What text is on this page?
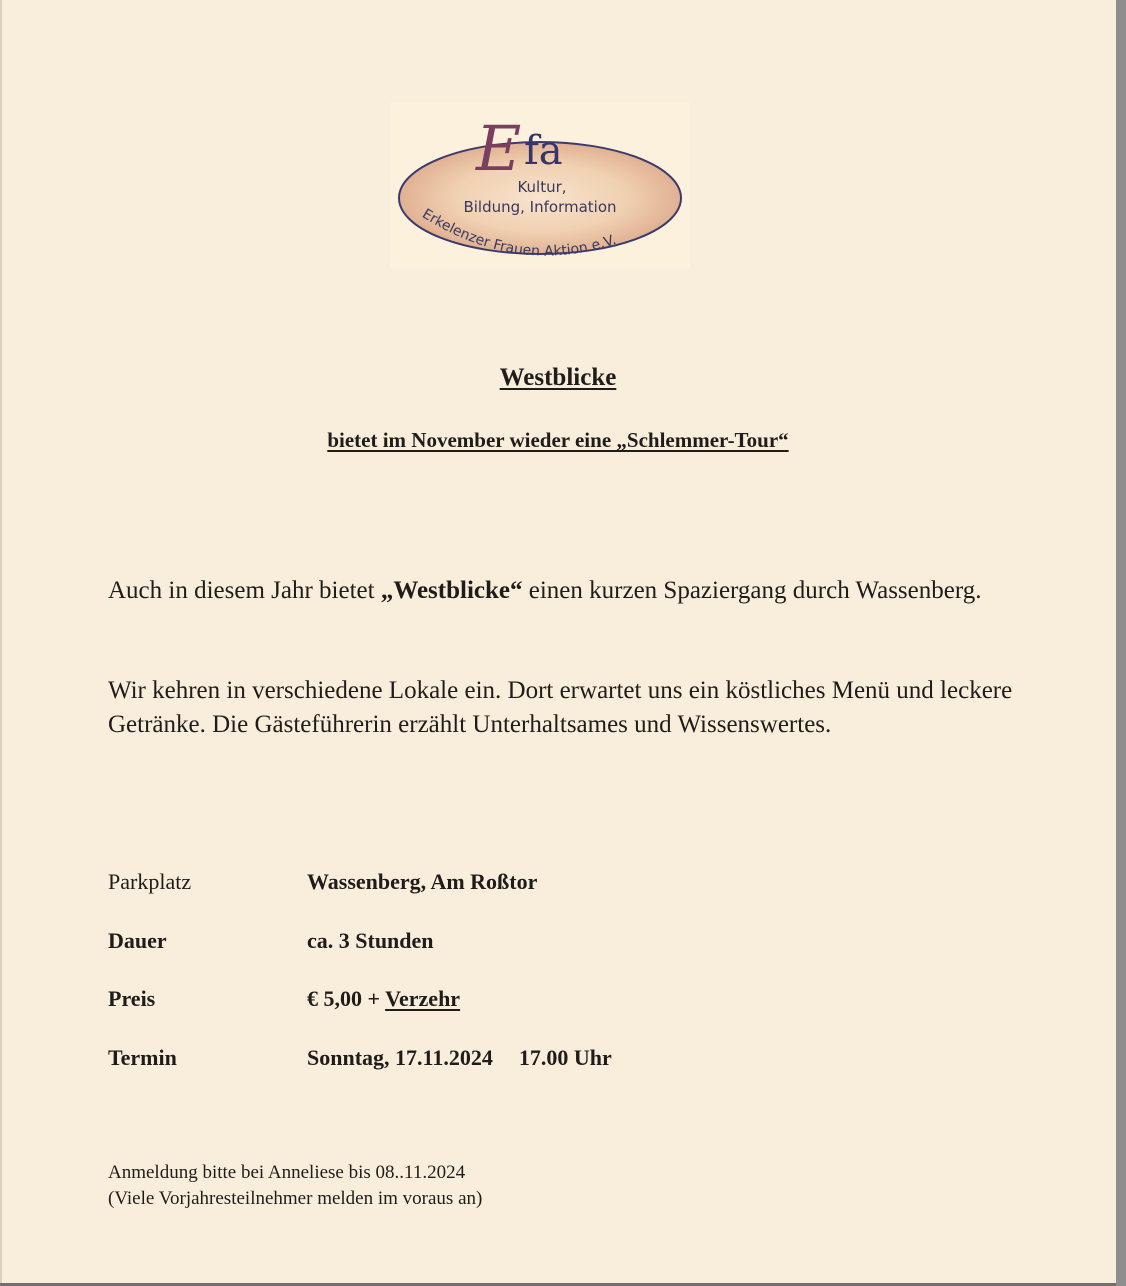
E fa
Kultur,
Bildung, Information
Erkelenzer Frauen Aktion e.V.
Westblicke
bietet im November wieder eine „Schlemmer-Tour“

Auch in diesem Jahr bietet „Westblicke“ einen kurzen Spaziergang durch Wassenberg.

Wir kehren in verschiedene Lokale ein. Dort erwartet uns ein köstliches Menü und leckere Getränke. Die Gästeführerin erzählt Unterhaltsames und Wissenswertes.

Parkplatz	Wassenberg, Am Roßtor

Dauer	ca. 3 Stunden

Preis	€ 5,00 + Verzehr

Termin	Sonntag, 17.11.2024 17.00 Uhr

Anmeldung bitte bei Anneliese bis 08..11.2024

(Viele Vorjahresteilnehmer melden im voraus an)
